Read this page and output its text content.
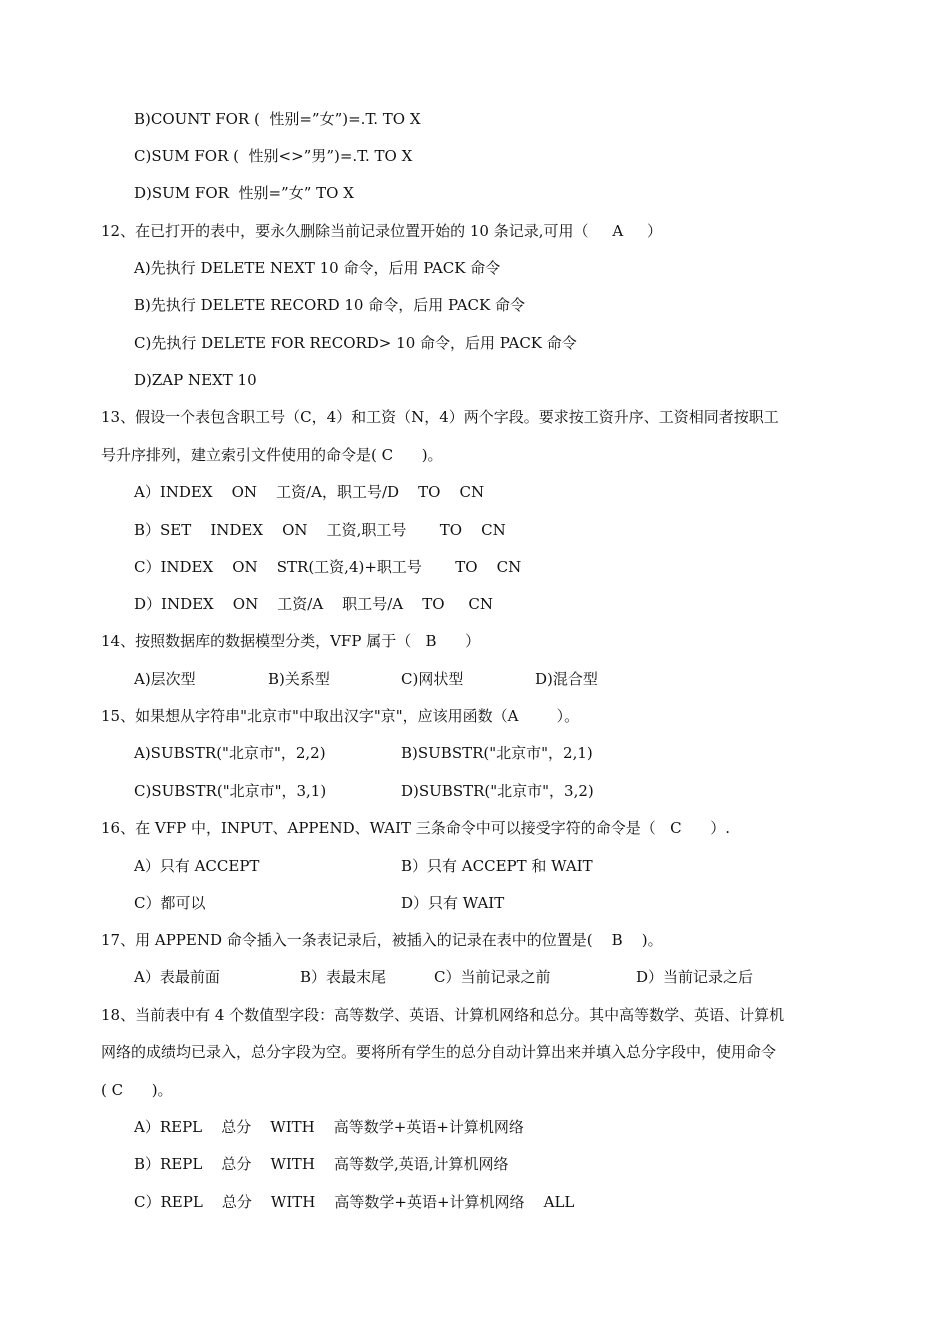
B)COUNT FOR (  性别=”女”)=.T. TO X
C)SUM FOR (  性别<>”男”)=.T. TO X
D)SUM FOR  性别=”女” TO X
12、在已打开的表中，要永久删除当前记录位置开始的 10 条记录,可用（     A     ）
A)先执行 DELETE NEXT 10 命令，后用 PACK 命令
B)先执行 DELETE RECORD 10 命令，后用 PACK 命令
C)先执行 DELETE FOR RECORD> 10 命令，后用 PACK 命令
D)ZAP NEXT 10
13、假设一个表包含职工号（C，4）和工资（N，4）两个字段。要求按工资升序、工资相同者按职工
号升序排列，建立索引文件使用的命令是( C      )。
A）INDEX    ON    工资/A，职工号/D    TO    CN
B）SET    INDEX    ON    工资,职工号       TO    CN
C）INDEX    ON    STR(工资,4)+职工号       TO    CN
D）INDEX    ON    工资/A    职工号/A    TO     CN
14、按照数据库的数据模型分类，VFP 属于（   B      ）
A)层次型	B)关系型	C)网状型	D)混合型
15、如果想从字符串"北京市"中取出汉字"京"，应该用函数（A        ）。
A)SUBSTR("北京市"，2,2)	B)SUBSTR("北京市"，2,1)
C)SUBSTR("北京市"，3,1)	D)SUBSTR("北京市"，3,2)
16、在 VFP 中，INPUT、APPEND、WAIT 三条命令中可以接受字符的命令是（   C      ）.
A）只有 ACCEPT	B）只有 ACCEPT 和 WAIT
C）都可以	D）只有 WAIT
17、用 APPEND 命令插入一条表记录后，被插入的记录在表中的位置是(    B    )。
A）表最前面	B）表最末尾	C）当前记录之前	D）当前记录之后
18、当前表中有 4 个数值型字段：高等数学、英语、计算机网络和总分。其中高等数学、英语、计算机
网络的成绩均已录入，总分字段为空。要将所有学生的总分自动计算出来并填入总分字段中，使用命令
( C      )。
A）REPL    总分    WITH    高等数学+英语+计算机网络
B）REPL    总分    WITH    高等数学,英语,计算机网络
C）REPL    总分    WITH    高等数学+英语+计算机网络    ALL
